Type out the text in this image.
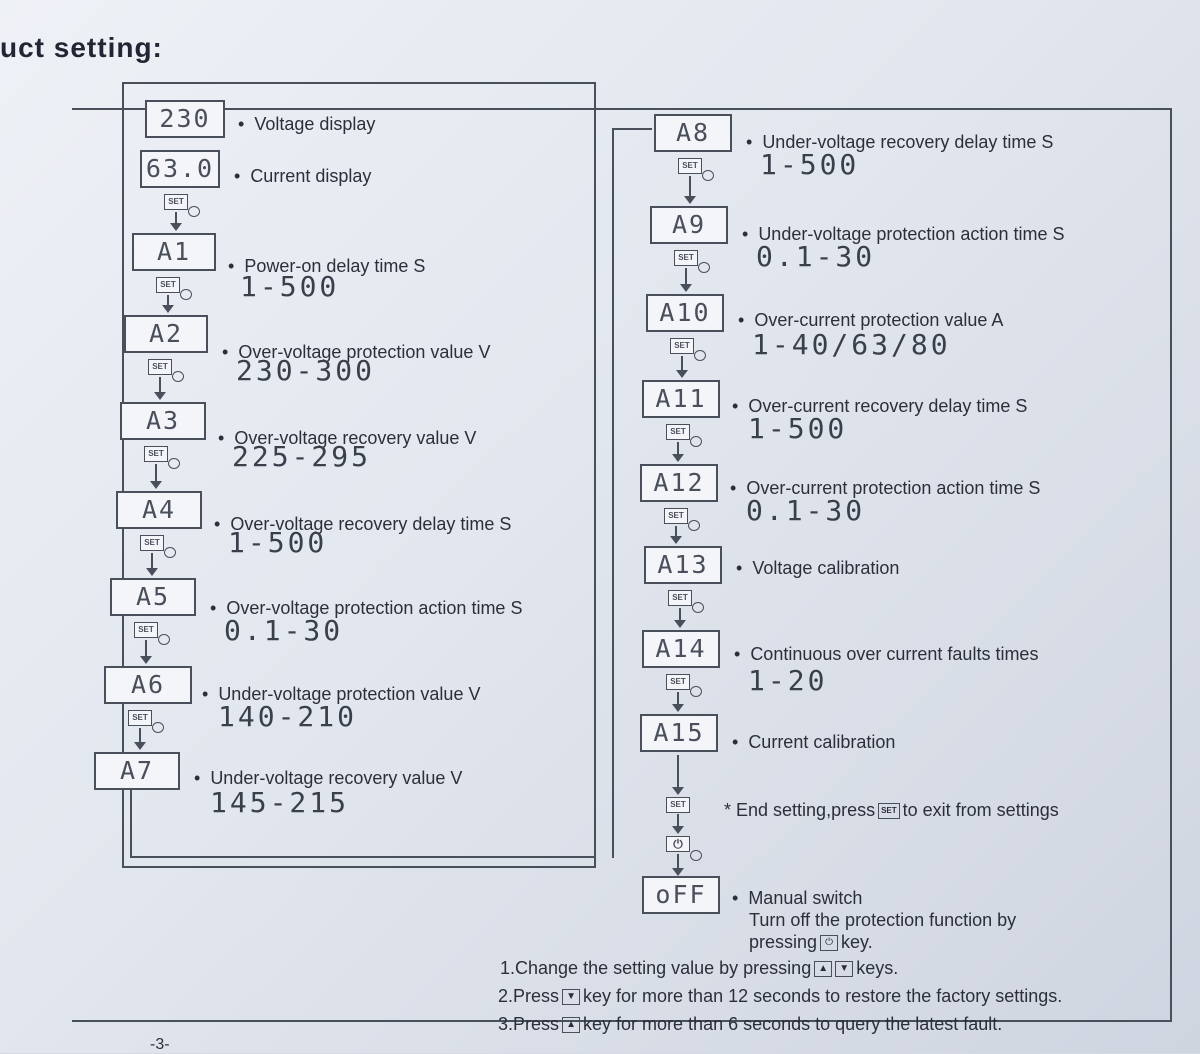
uct setting:
230	• Voltage display
63.0	• Current display
SET
A1	• Power-on delay time S
1-500
SET
A2
• Over-voltage protection value V
230-300
SET
A3
• Over-voltage recovery value V
225-295
SET
A4	• Over-voltage recovery delay time S
1-500
SET
A5	• Over-voltage protection action time S
0.1-30
SET
A6	• Under-voltage protection value V
140-210
SET
A7	• Under-voltage recovery value V
145-215
A8	• Under-voltage recovery delay time S
1-500
SET
A9	• Under-voltage protection action time S
0.1-30
SET
A10	• Over-current protection value A
1-40/63/80
SET
A11	• Over-current recovery delay time S
1-500
SET
A12	• Over-current protection action time S
0.1-30
SET
A13	• Voltage calibration
SET
A14	• Continuous over current faults times
1-20
SET
A15	• Current calibration
SET * End setting,press SET to exit from settings
⏻
oFF	• Manual switch
Turn off the protection function by
pressing ⏻ key.
1.Change the setting value by pressing ▲ ▼ keys.
2.Press ▼ key for more than 12 seconds to restore the factory settings.
3.Press ▲ key for more than 6 seconds to query the latest fault.
-3-
